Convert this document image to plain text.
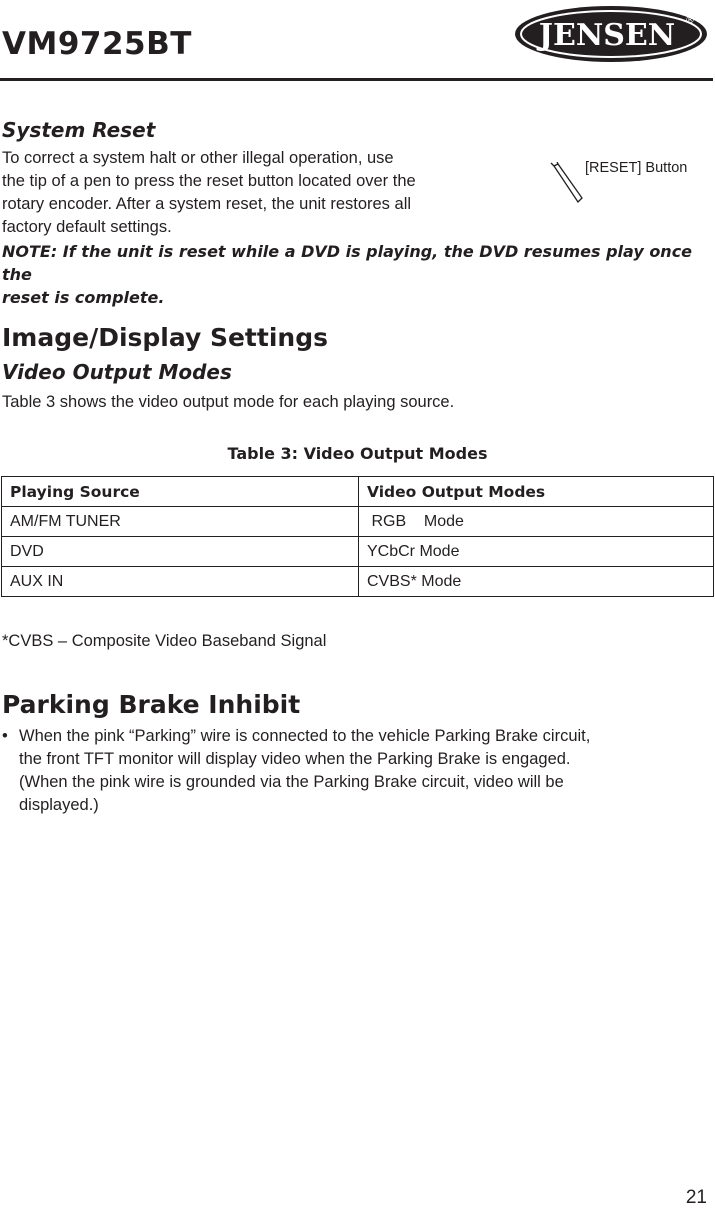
VM9725BT	JENSEN ®
System Reset
To correct a system halt or other illegal operation, use
the tip of a pen to press the reset button located over the
rotary encoder. After a system reset, the unit restores all
factory default settings.
[RESET] Button
NOTE: If the unit is reset while a DVD is playing, the DVD resumes play once the
reset is complete.
Image/Display Settings
Video Output Modes
Table 3 shows the video output mode for each playing source.
Table 3: Video Output Modes
Playing Source	Video Output Modes
AM/FM TUNER	RGB    Mode
DVD	YCbCr Mode
AUX IN	CVBS* Mode
*CVBS – Composite Video Baseband Signal
Parking Brake Inhibit
• When the pink “Parking” wire is connected to the vehicle Parking Brake circuit,
the front TFT monitor will display video when the Parking Brake is engaged.
(When the pink wire is grounded via the Parking Brake circuit, video will be
displayed.)
21
